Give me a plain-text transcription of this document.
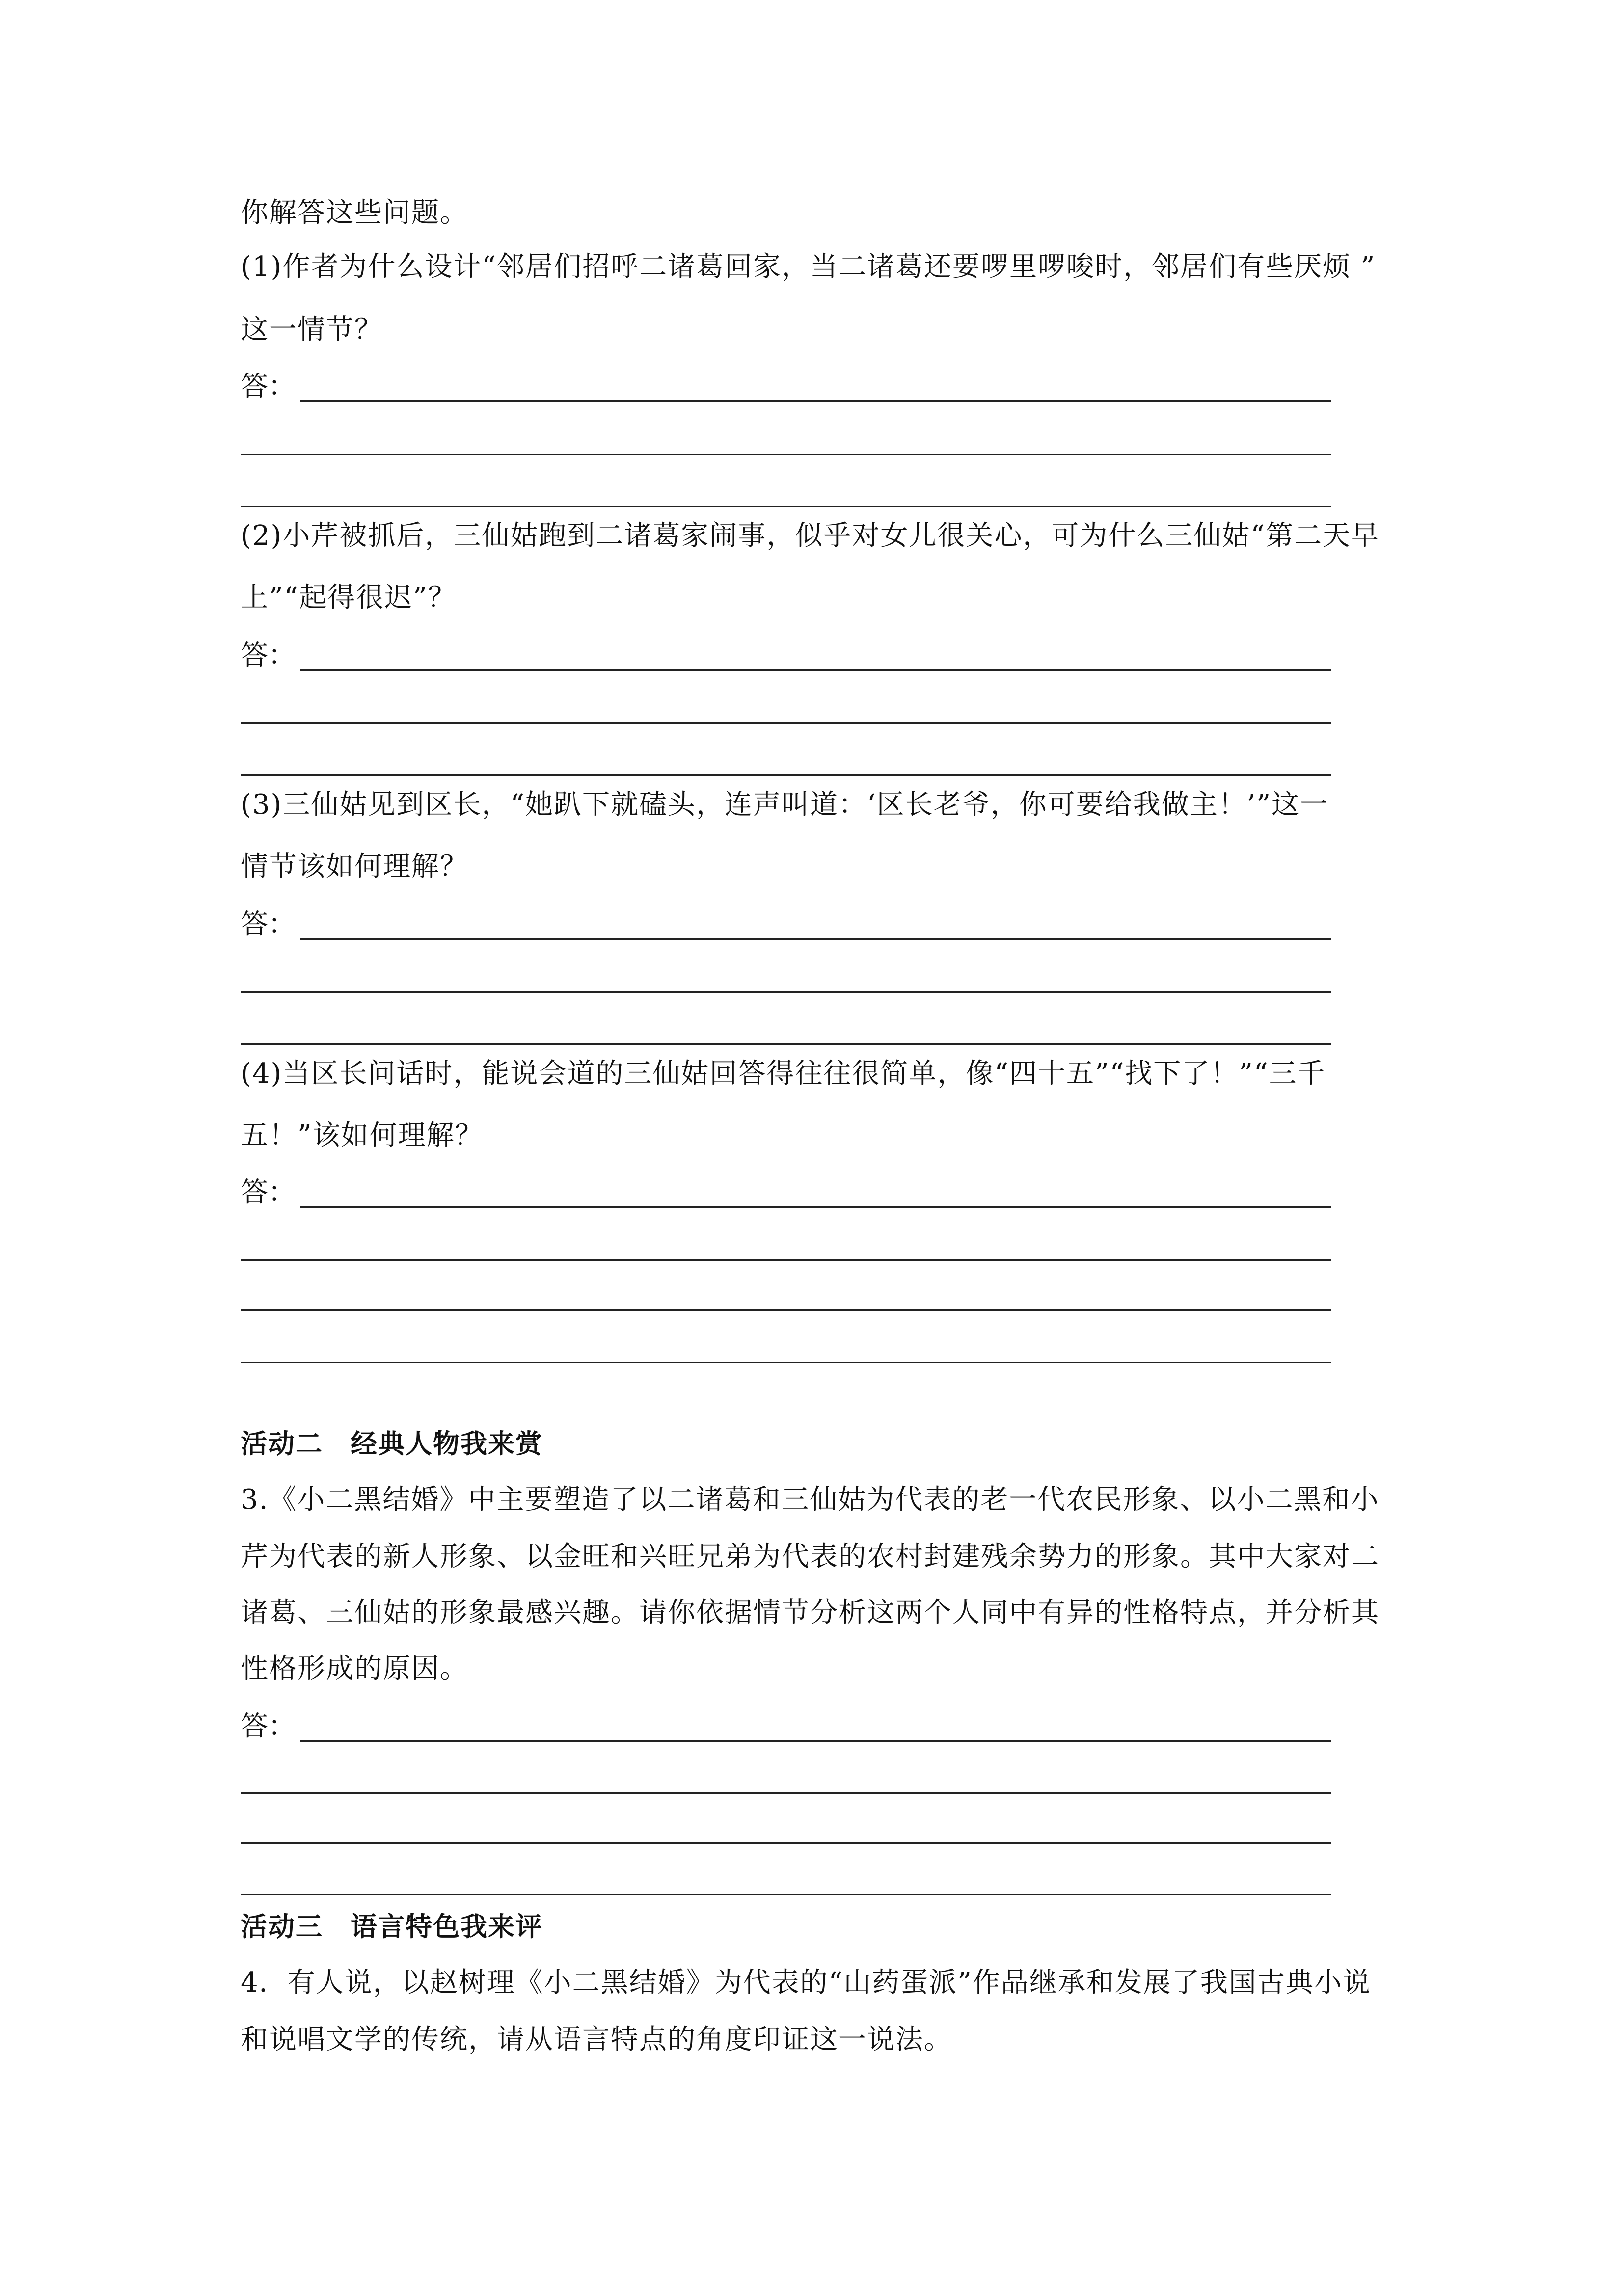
你解答这些问题。
(1)作者为什么设计“邻居们招呼二诸葛回家，当二诸葛还要啰里啰唆时，邻居们有些厌烦 ”
这一情节？
答：
(2)小芹被抓后，三仙姑跑到二诸葛家闹事，似乎对女儿很关心，可为什么三仙姑“第二天早
上”“起得很迟”？
答：
(3)三仙姑见到区长，“她趴下就磕头，连声叫道：‘区长老爷，你可要给我做主！’”这一
情节该如何理解？
答：
(4)当区长问话时，能说会道的三仙姑回答得往往很简单，像“四十五”“找下了！”“三千
五！”该如何理解？
答：
活动二　经典人物我来赏
3.《小二黑结婚》中主要塑造了以二诸葛和三仙姑为代表的老一代农民形象、以小二黑和小
芹为代表的新人形象、以金旺和兴旺兄弟为代表的农村封建残余势力的形象。其中大家对二
诸葛、三仙姑的形象最感兴趣。请你依据情节分析这两个人同中有异的性格特点，并分析其
性格形成的原因。
答：
活动三　语言特色我来评
4．有人说，以赵树理《小二黑结婚》为代表的“山药蛋派”作品继承和发展了我国古典小说
和说唱文学的传统，请从语言特点的角度印证这一说法。
